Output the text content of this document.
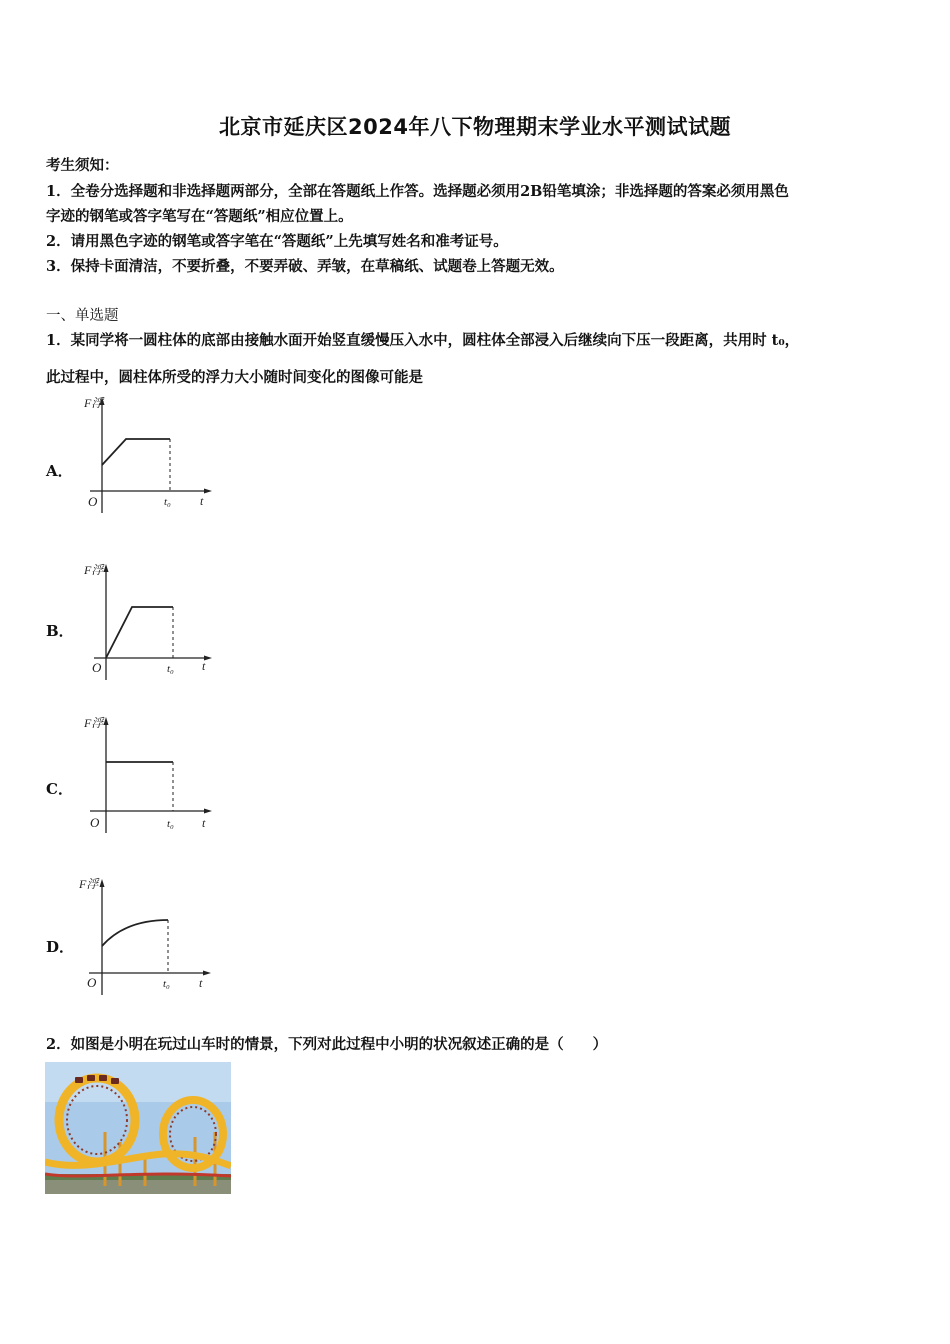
北京市延庆区2024年八下物理期末学业水平测试试题
考生须知：
1．全卷分选择题和非选择题两部分，全部在答题纸上作答。选择题必须用2B铅笔填涂；非选择题的答案必须用黑色
字迹的钢笔或答字笔写在“答题纸”相应位置上。
2．请用黑色字迹的钢笔或答字笔在“答题纸”上先填写姓名和准考证号。
3．保持卡面清洁，不要折叠，不要弄破、弄皱，在草稿纸、试题卷上答题无效。
一、单选题
1．某同学将一圆柱体的底部由接触水面开始竖直缓慢压入水中，圆柱体全部浸入后继续向下压一段距离，共用时 t₀，
此过程中，圆柱体所受的浮力大小随时间变化的图像可能是
A．
F浮
O	t₀ t
B．
F浮
O	t₀ t
C．
F浮
O	t₀ t
D．
F浮
O	t₀ t
2．如图是小明在玩过山车时的情景，下列对此过程中小明的状况叙述正确的是（　　）
